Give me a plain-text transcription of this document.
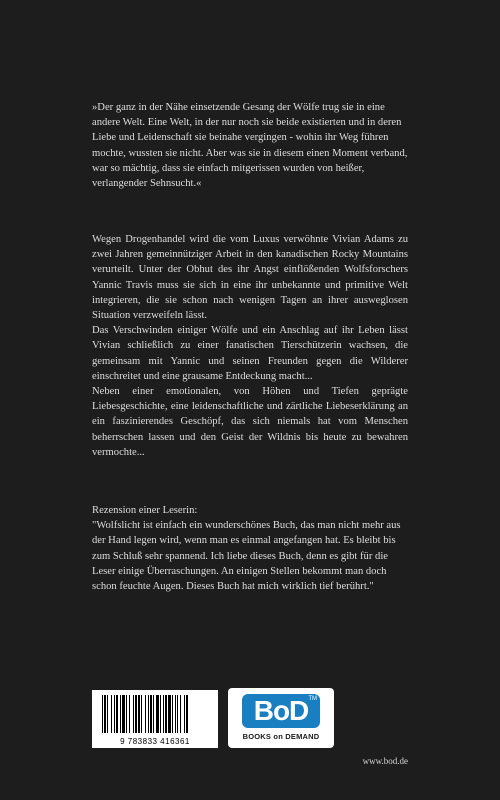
»Der ganz in der Nähe einsetzende Gesang der Wölfe trug sie in eine andere Welt. Eine Welt, in der nur noch sie beide existierten und in deren Liebe und Leidenschaft sie beinahe vergingen - wohin ihr Weg führen mochte, wussten sie nicht. Aber was sie in diesem einen Moment verband, war so mächtig, dass sie einfach mitgerissen wurden von heißer, verlangender Sehnsucht.«

Wegen Drogenhandel wird die vom Luxus verwöhnte Vivian Adams zu zwei Jahren gemeinnütziger Arbeit in den kanadischen Rocky Mountains verurteilt. Unter der Obhut des ihr Angst einflößenden Wolfsforschers Yannic Travis muss sie sich in eine ihr unbekannte und primitive Welt integrieren, die sie schon nach wenigen Tagen an ihrer ausweglosen Situation verzweifeln lässt.

Das Verschwinden einiger Wölfe und ein Anschlag auf ihr Leben lässt Vivian schließlich zu einer fanatischen Tierschützerin wachsen, die gemeinsam mit Yannic und seinen Freunden gegen die Wilderer einschreitet und eine grausame Entdeckung macht...

Neben einer emotionalen, von Höhen und Tiefen geprägte Liebesgeschichte, eine leidenschaftliche und zärtliche Liebeserklärung an ein faszinierendes Geschöpf, das sich niemals hat vom Menschen beherrschen lassen und den Geist der Wildnis bis heute zu bewahren vermochte...

Rezension einer Leserin:

"Wolfslicht ist einfach ein wunderschönes Buch, das man nicht mehr aus der Hand legen wird, wenn man es einmal angefangen hat. Es bleibt bis zum Schluß sehr spannend. Ich liebe dieses Buch, denn es gibt für die Leser einige Überraschungen. An einigen Stellen bekommt man doch schon feuchte Augen. Dieses Buch hat mich wirklich tief berührt."

9 783833 416361
BoD TM
BOOKS on DEMAND
www.bod.de
